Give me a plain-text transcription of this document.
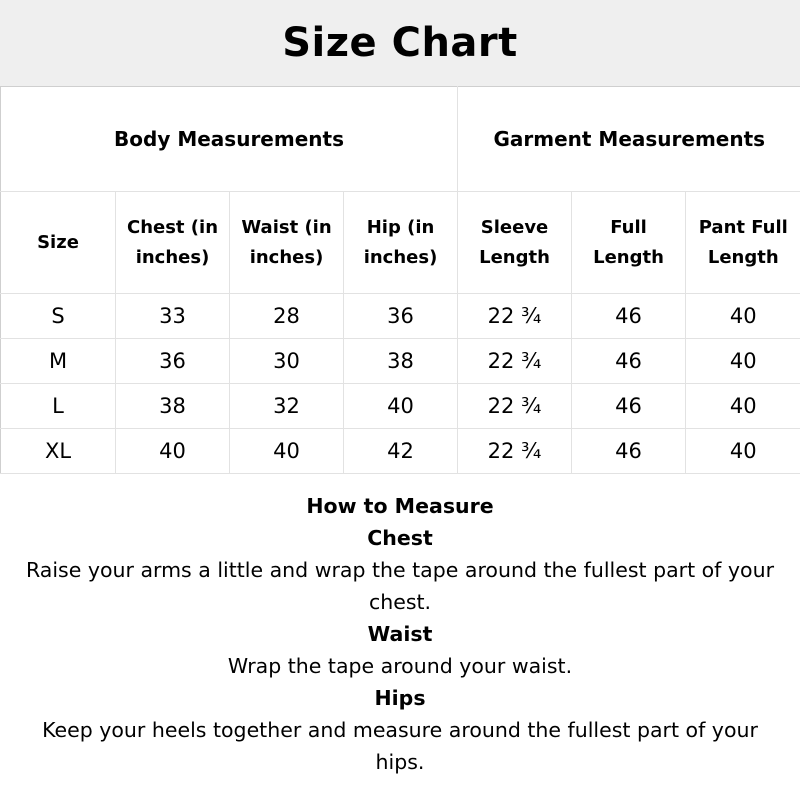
Size Chart
Body Measurements				Garment Measurements		
Size	Chest (in inches)	Waist (in inches)	Hip (in inches)	Sleeve Length	Full Length	Pant Full Length
S	33	28	36	22 ¾	46	40
M	36	30	38	22 ¾	46	40
L	38	32	40	22 ¾	46	40
XL	40	40	42	22 ¾	46	40

How to Measure

Chest

Raise your arms a little and wrap the tape around the fullest part of your chest.

Waist

Wrap the tape around your waist.

Hips

Keep your heels together and measure around the fullest part of your hips.
